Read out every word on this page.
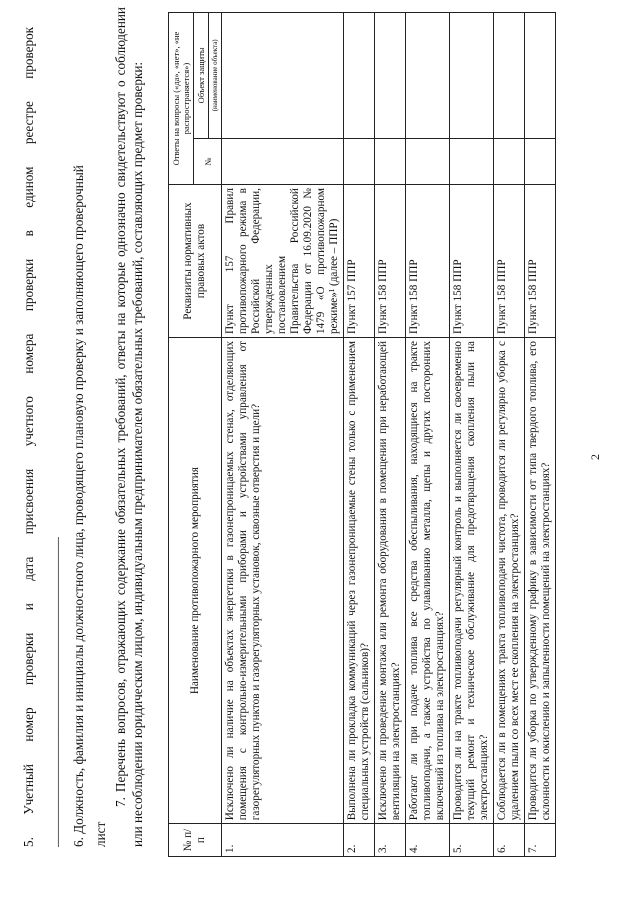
2
5. Учетный номер проверки и дата присвоения учетного номера проверки в едином реестре проверок
_______________________________________________ 6. Должность, фамилия и инициалы должностного лица, проводящего плановую проверку и заполняющего проверочный лист
7. Перечень вопросов, отражающих содержание обязательных требований, ответы на которые однозначно свидетельствуют о соблюдении или несоблюдении юридическим лицом, индивидуальным предпринимателем обязательных требований, составляющих предмет проверки:	№ п/п	Наименование противопожарного мероприятия	Реквизиты нормативных правовых актов	Ответы на вопросы («да», «нет», «не распространяется»)	
			№	Объект защиты
				(наименование объекта)
1.	Исключено ли наличие на объектах энергетики в газонепроницаемых стенах, отделяющих помещения с контрольно-измерительными приборами и устройствами управления от газорегуляторных пунктов и газорегуляторных установок, сквозные отверстия и щели?	Пункт 157 Правил противопожарного режима в Российской Федерации, утвержденных постановлением Правительства Российской Федерации от 16.09.2020 № 1479 «О противопожарном режиме»¹ (далее – ППР)		
2.	Выполнена ли прокладка коммуникаций через газонепроницаемые стены только с применением специальных устройств (сальников)?	Пункт 157 ППР		
3.	Исключено ли проведение монтажа или ремонта оборудования в помещении при неработающей вентиляции на электростанциях?	Пункт 158 ППР		
4.	Работают ли при подаче топлива все средства обеспыливания, находящиеся на тракте топливоподачи, а также устройства по улавливанию металла, щепы и других посторонних включений из топлива на электростанциях?	Пункт 158 ППР		
5.	Проводится ли на тракте топливоподачи регулярный контроль и выполняется ли своевременно текущий ремонт и техническое обслуживание для предотвращения скопления пыли на электростанциях?	Пункт 158 ППР		
6.	Соблюдается ли в помещениях тракта топливоподачи чистота, проводится ли регулярно уборка с удалением пыли со всех мест ее скопления на электростанциях?	Пункт 158 ППР		
7.	Проводится ли уборка по утвержденному графику в зависимости от типа твердого топлива, его склонности к окислению и запыленности помещений на электростанциях?	Пункт 158 ППР		
